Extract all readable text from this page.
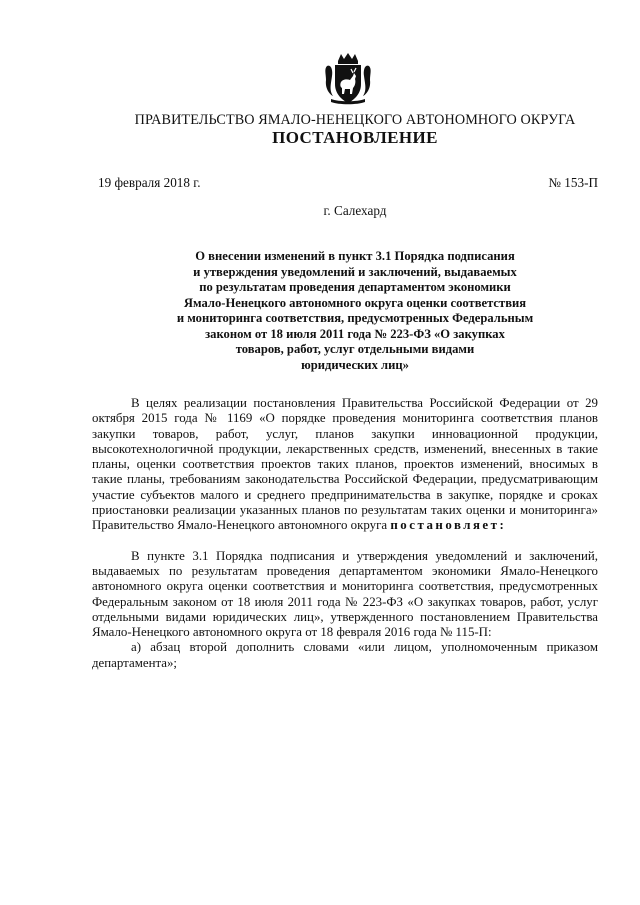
ПРАВИТЕЛЬСТВО ЯМАЛО-НЕНЕЦКОГО АВТОНОМНОГО ОКРУГА
ПОСТАНОВЛЕНИЕ
19 февраля 2018 г.	№ 153-П
г. Салехард
О внесении изменений в пункт 3.1 Порядка подписания
и утверждения уведомлений и заключений, выдаваемых
по результатам проведения департаментом экономики
Ямало-Ненецкого автономного округа оценки соответствия
и мониторинга соответствия, предусмотренных Федеральным
законом от 18 июля 2011 года № 223-ФЗ «О закупках
товаров, работ, услуг отдельными видами
юридических лиц»

В целях реализации постановления Правительства Российской Федерации от 29 октября 2015 года № 1169 «О порядке проведения мониторинга соответствия планов закупки товаров, работ, услуг, планов закупки инновационной продукции, высокотехнологичной продукции, лекарственных средств, изменений, внесенных в такие планы, оценки соответствия проектов таких планов, проектов изменений, вносимых в такие планы, требованиям законодательства Российской Федерации, предусматривающим участие субъектов малого и среднего предпринимательства в закупке, порядке и сроках приостановки реализации указанных планов по результатам таких оценки и мониторинга» Правительство Ямало-Ненецкого автономного округа постановляет:

В пункте 3.1 Порядка подписания и утверждения уведомлений и заключений, выдаваемых по результатам проведения департаментом экономики Ямало-Ненецкого автономного округа оценки соответствия и мониторинга соответствия, предусмотренных Федеральным законом от 18 июля 2011 года № 223-ФЗ «О закупках товаров, работ, услуг отдельными видами юридических лиц», утвержденного постановлением Правительства Ямало-Ненецкого автономного округа от 18 февраля 2016 года № 115-П:

а) абзац второй дополнить словами «или лицом, уполномоченным приказом департамента»;
